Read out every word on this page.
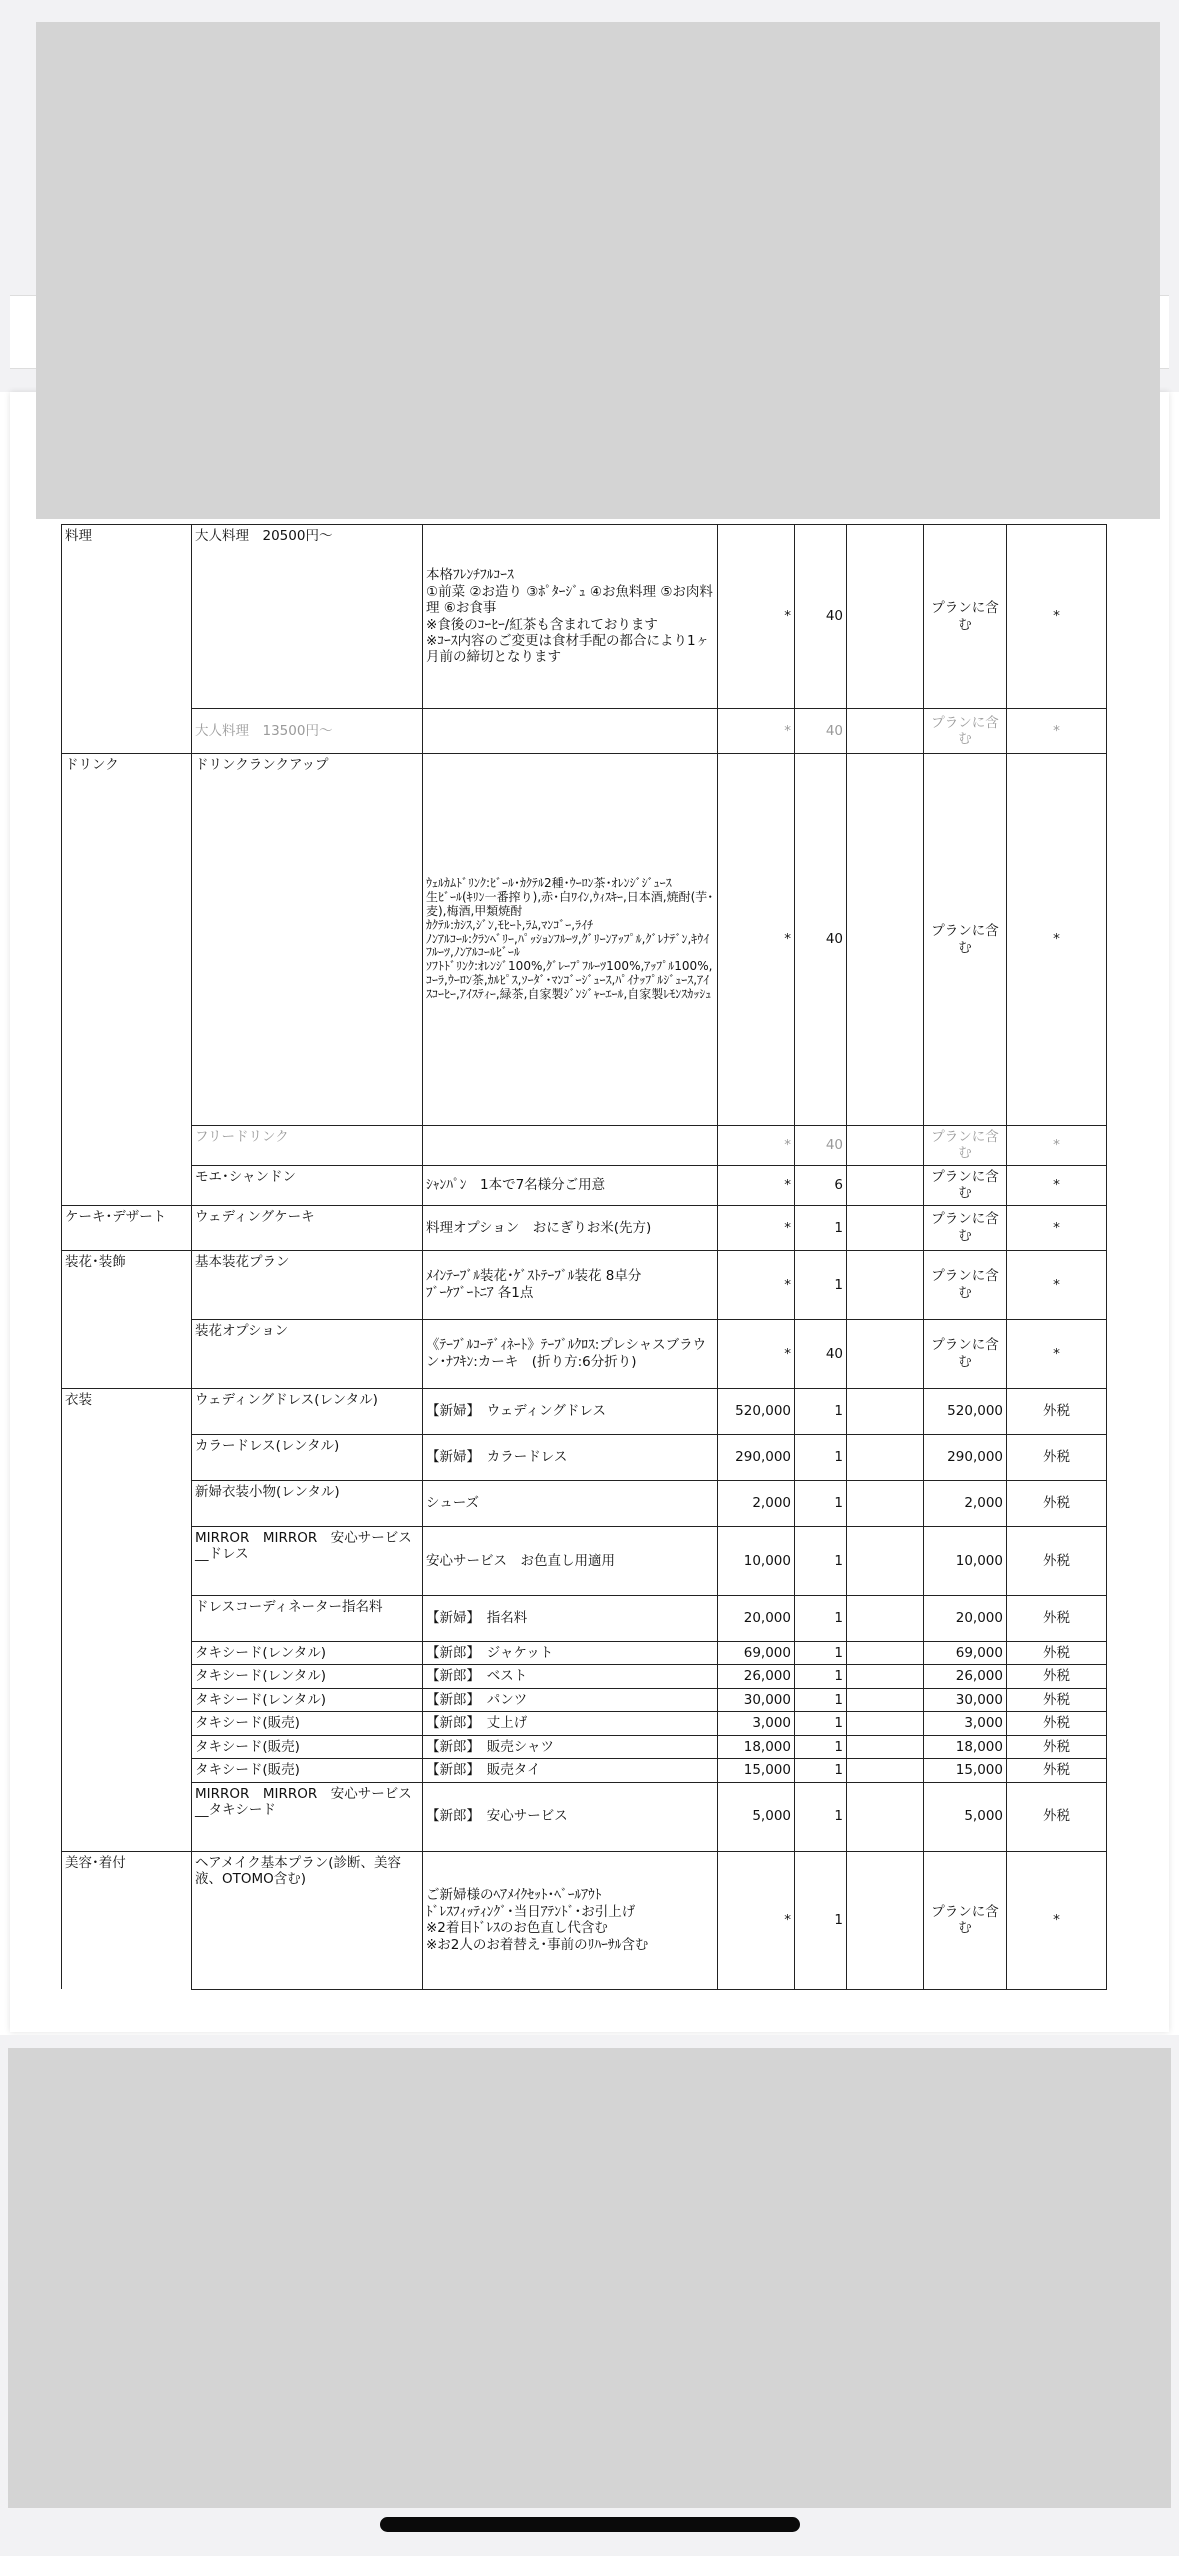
料理	大人料理　20500円～	本格ﾌﾚﾝﾁﾌﾙｺｰｽ
①前菜 ②お造り ③ﾎﾟﾀｰｼﾞｭ ④お魚料理 ⑤お肉料理 ⑥お食事
※食後のｺｰﾋｰ/紅茶も含まれております
※ｺｰｽ内容のご変更は食材手配の都合により1ヶ月前の締切となります	*	40		プランに含む	*
	大人料理　13500円～		*	40		プランに含む	*
ドリンク	ドリンクランクアップ	ｳｪﾙｶﾑﾄﾞﾘﾝｸ:ﾋﾞｰﾙ･ｶｸﾃﾙ2種･ｳｰﾛﾝ茶･ｵﾚﾝｼﾞｼﾞｭｰｽ
生ﾋﾞｰﾙ(ｷﾘﾝ一番搾り),赤･白ﾜｲﾝ,ｳｨｽｷｰ,日本酒,焼酎(芋･麦),梅酒,甲類焼酎
ｶｸﾃﾙ:ｶｼｽ,ｼﾞﾝ,ﾓﾋｰﾄ,ﾗﾑ,ﾏﾝｺﾞｰ,ﾗｲﾁ
ﾉﾝｱﾙｺｰﾙ:ｸﾗﾝﾍﾞﾘｰ,ﾊﾟｯｼｮﾝﾌﾙｰﾂ,ｸﾞﾘｰﾝｱｯﾌﾟﾙ,ｸﾞﾚﾅﾃﾞﾝ,ｷｳｲﾌﾙｰﾂ,ﾉﾝｱﾙｺｰﾙﾋﾞｰﾙ
ｿﾌﾄﾄﾞﾘﾝｸ:ｵﾚﾝｼﾞ100%,ｸﾞﾚｰﾌﾟﾌﾙｰﾂ100%,ｱｯﾌﾟﾙ100%,ｺｰﾗ,ｳｰﾛﾝ茶,ｶﾙﾋﾟｽ,ｿｰﾀﾞ･ﾏﾝｺﾞｰｼﾞｭｰｽ,ﾊﾟｲﾅｯﾌﾟﾙｼﾞｭｰｽ,ｱｲｽｺｰﾋｰ,ｱｲｽﾃｨｰ,緑茶,自家製ｼﾞﾝｼﾞｬｰｴｰﾙ,自家製ﾚﾓﾝｽｶｯｼｭ	*	40		プランに含む	*
	フリードリンク		*	40		プランに含む	*
	モエ･シャンドン	ｼｬﾝﾊﾟﾝ　1本で7名様分ご用意	*	6		プランに含む	*
ケーキ･デザート	ウェディングケーキ	料理オプション　おにぎりお米(先方)	*	1		プランに含む	*
装花･装飾	基本装花プラン	ﾒｲﾝﾃｰﾌﾞﾙ装花･ｹﾞｽﾄﾃｰﾌﾞﾙ装花 8卓分
ﾌﾞｰｹﾌﾞｰﾄﾆｱ 各1点	*	1		プランに含む	*
	装花オプション	《ﾃｰﾌﾞﾙｺｰﾃﾞｨﾈｰﾄ》ﾃｰﾌﾞﾙｸﾛｽ:プレシャスブラウン･ﾅﾌｷﾝ:カーキ　(折り方:6分折り)	*	40		プランに含む	*
衣装	ウェディングドレス(レンタル)	【新婦】　ウェディングドレス	520,000	1		520,000	外税
	カラードレス(レンタル)	【新婦】　カラードレス	290,000	1		290,000	外税
	新婦衣装小物(レンタル)	シューズ	2,000	1		2,000	外税
	MIRROR　MIRROR　安心サービス__ドレス	安心サービス　お色直し用適用	10,000	1		10,000	外税
	ドレスコーディネーター指名料	【新婦】　指名料	20,000	1		20,000	外税
	タキシード(レンタル)	【新郎】　ジャケット	69,000	1		69,000	外税
	タキシード(レンタル)	【新郎】　ベスト	26,000	1		26,000	外税
	タキシード(レンタル)	【新郎】　パンツ	30,000	1		30,000	外税
	タキシード(販売)	【新郎】　丈上げ	3,000	1		3,000	外税
	タキシード(販売)	【新郎】　販売シャツ	18,000	1		18,000	外税
	タキシード(販売)	【新郎】　販売タイ	15,000	1		15,000	外税
	MIRROR　MIRROR　安心サービス__タキシード	【新郎】　安心サービス	5,000	1		5,000	外税
美容･着付	ヘアメイク基本プラン(診断、美容液、OTOMO含む)	ご新婦様のﾍｱﾒｲｸｾｯﾄ･ﾍﾞｰﾙｱｳﾄ
ﾄﾞﾚｽﾌｨｯﾃｨﾝｸﾞ･当日ｱﾃﾝﾄﾞ･お引上げ
※2着目ﾄﾞﾚｽのお色直し代含む
※お2人のお着替え･事前のﾘﾊｰｻﾙ含む	*	1		プランに含む	*
